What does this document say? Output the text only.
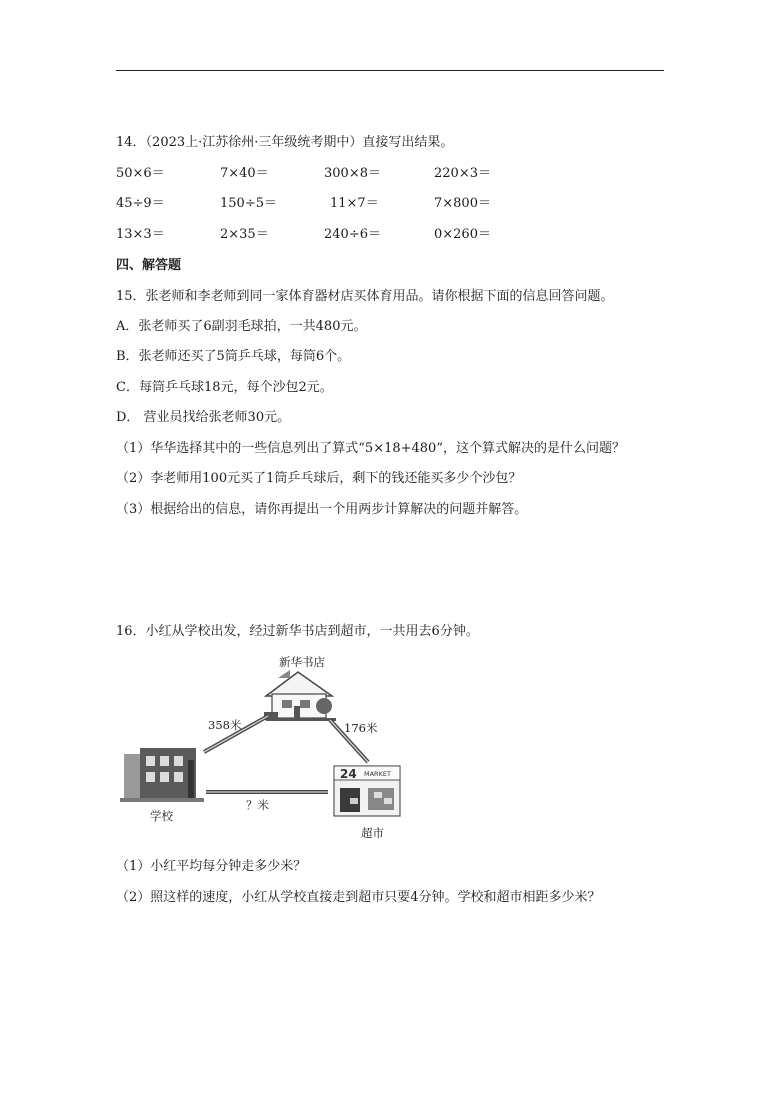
14．（2023上·江苏徐州·三年级统考期中）直接写出结果。
50×6＝	7×40＝	300×8＝	220×3＝
45÷9＝	150÷5＝	11×7＝	7×800＝
13×3＝	2×35＝	240÷6＝	0×260＝
四、解答题
15．张老师和李老师到同一家体育器材店买体育用品。请你根据下面的信息回答问题。
A．张老师买了6副羽毛球拍，一共480元。
B．张老师还买了5筒乒乓球，每筒6个。
C．每筒乒乓球18元，每个沙包2元。
D． 营业员找给张老师30元。
（1）华华选择其中的一些信息列出了算式“5×18+480”，这个算式解决的是什么问题？
（2）李老师用100元买了1筒乒乓球后，剩下的钱还能买多少个沙包？
（3）根据给出的信息，请你再提出一个用两步计算解决的问题并解答。
16．小红从学校出发，经过新华书店到超市，一共用去6分钟。
24 MARKET
新华书店
358米	176米
？米
学校
超市
（1）小红平均每分钟走多少米？
（2）照这样的速度，小红从学校直接走到超市只要4分钟。学校和超市相距多少米？
